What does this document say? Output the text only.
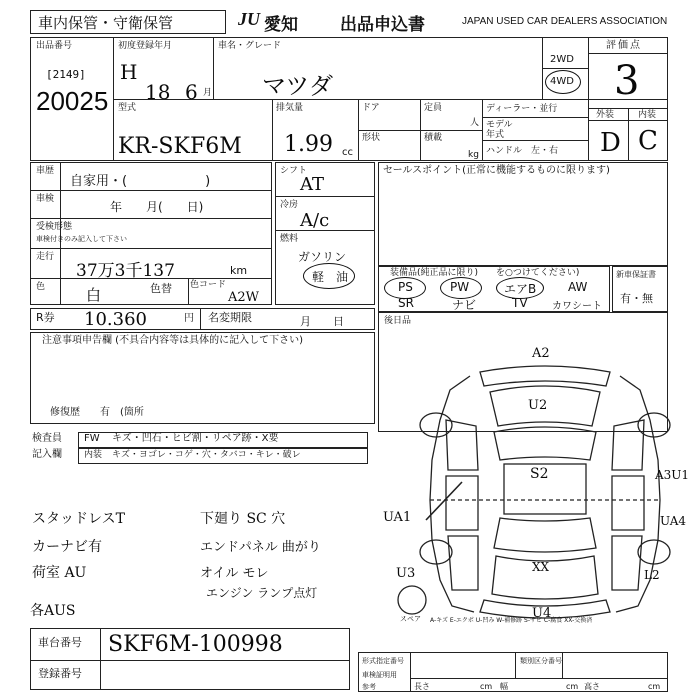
車内保管・守衛保管	JU 愛知 出品申込書	JAPAN USED CAR DEALERS ASSOCIATION
出品番号
[2149]
20025
初度登録年月
H
18 6 月
車名・グレード
マツダ
2WD
4WD
評価点
3
型式
KR-SKF6M
排気量
1.99 cc
ドア	定員
人
形状	積載
kg
ディーラー・並行
モデル
年式
ハンドル　左・右
外装	内装
D C
車歴
自家用・(　　　　　　)
車検
年　　月(　　日)
受検形態
車検付きのみ記入して下さい
走行
37万3千137	km
色	白	色替 色コード
A2W
シフト
AT
冷房
A/c
燃料
ガソリン
軽　油
セールスポイント(正常に機能するものに限ります)
装備品(純正品に限り)　　を○つけてください)
PS	PW	エアB	AW
SR	ナビ	TV カワシート
新車保証書
有・無
R券 10.360	円 名変期限	月　　日	後日品
注意事項申告欄 (不具合内容等は具体的に記入して下さい)
修復歴　　有　(箇所
検査員
記入欄
FW キズ・凹石・ヒビ割・リペア跡・X要
内装 キズ・ヨゴレ・コゲ・穴・タバコ・キレ・破レ
スタッドレスT
カーナビ有
荷室 AU
各AUS
下廻り SC 穴
エンドパネル 曲がり
オイル モレ
エンジン ランプ点灯
A2
U2
S2	A3U1
UA1	UA4
U3	XX
U4
L2
スペア A-キズ E-エクボ U-凹み W-補修跡 S-サビ C-腐食 XX-交換済
車台番号 SKF6M-100998
登録番号
形式指定番号	類別区分番号
車検証明用
参考	長さ	cm 幅	cm 高さ	cm
